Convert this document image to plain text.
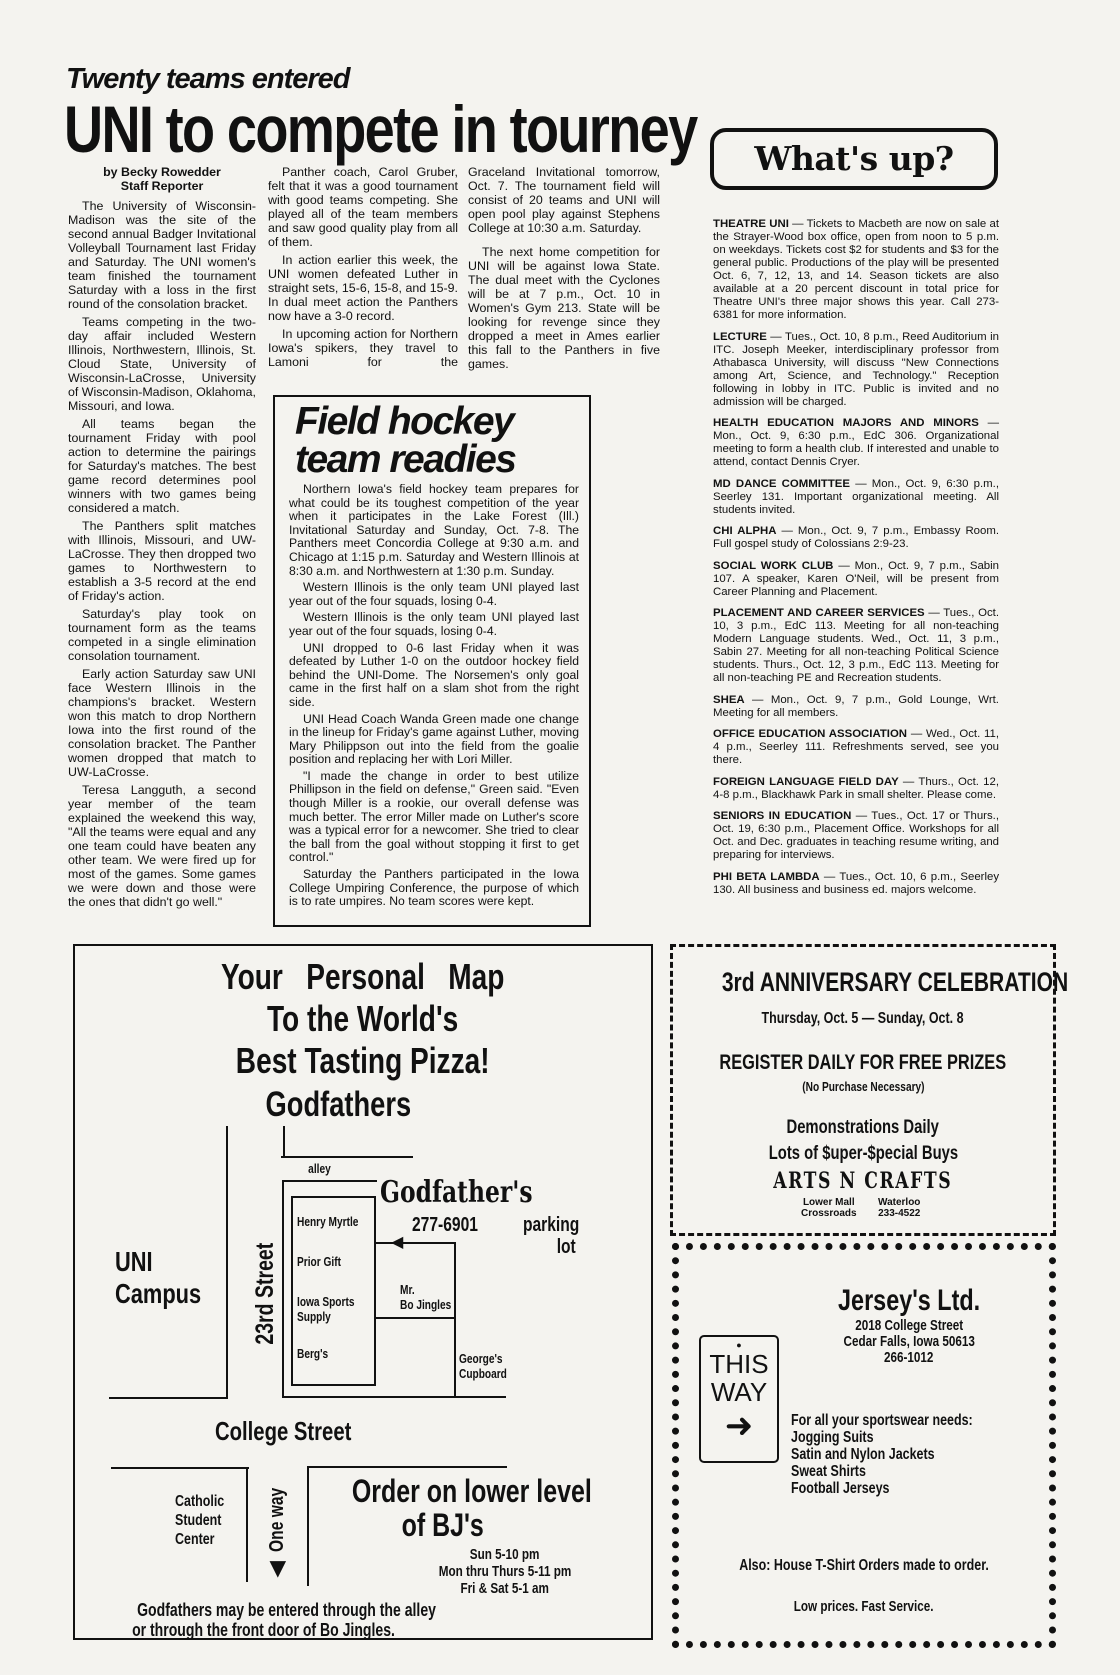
Twenty teams entered
UNI to compete in tourney
by Becky Rowedder
Staff Reporter

The University of Wisconsin-Madison was the site of the second annual Badger Invitational Volleyball Tournament last Friday and Saturday. The UNI women's team finished the tournament Saturday with a loss in the first round of the consolation bracket.

Teams competing in the two-day affair included Western Illinois, Northwestern, Illinois, St. Cloud State, University of Wisconsin-LaCrosse, University of Wisconsin-Madison, Oklahoma, Missouri, and Iowa.

All teams began the tournament Friday with pool action to determine the pairings for Saturday's matches. The best game record determines pool winners with two games being considered a match.

The Panthers split matches with Illinois, Missouri, and UW-LaCrosse. They then dropped two games to Northwestern to establish a 3-5 record at the end of Friday's action.

Saturday's play took on tournament form as the teams competed in a single elimination consolation tournament.

Early action Saturday saw UNI face Western Illinois in the champions's bracket. Western won this match to drop Northern Iowa into the first round of the consolation bracket. The Panther women dropped that match to UW-LaCrosse.

Teresa Langguth, a second year member of the team explained the weekend this way, "All the teams were equal and any one team could have beaten any other team. We were fired up for most of the games. Some games we were down and those were the ones that didn't go well."

Panther coach, Carol Gruber, felt that it was a good tournament with good teams competing. She played all of the team members and saw good quality play from all of them.

In action earlier this week, the UNI women defeated Luther in straight sets, 15-6, 15-8, and 15-9. In dual meet action the Panthers now have a 3-0 record.

In upcoming action for Northern Iowa's spikers, they travel to Lamoni for the

Graceland Invitational tomorrow, Oct. 7. The tournament field will consist of 20 teams and UNI will open pool play against Stephens College at 10:30 a.m. Saturday.

The next home competition for UNI will be against Iowa State. The dual meet with the Cyclones will be at 7 p.m., Oct. 10 in Women's Gym 213. State will be looking for revenge since they dropped a meet in Ames earlier this fall to the Panthers in five games.

Field hockey
team readies

Northern Iowa's field hockey team prepares for what could be its toughest competition of the year when it participates in the Lake Forest (Ill.) Invitational Saturday and Sunday, Oct. 7-8. The Panthers meet Concordia College at 9:30 a.m. and Chicago at 1:15 p.m. Saturday and Western Illinois at 8:30 a.m. and Northwestern at 1:30 p.m. Sunday.

Western Illinois is the only team UNI played last year out of the four squads, losing 0-4.

Western Illinois is the only team UNI played last year out of the four squads, losing 0-4.

UNI dropped to 0-6 last Friday when it was defeated by Luther 1-0 on the outdoor hockey field behind the UNI-Dome. The Norsemen's only goal came in the first half on a slam shot from the right side.

UNI Head Coach Wanda Green made one change in the lineup for Friday's game against Luther, moving Mary Philippson out into the field from the goalie position and replacing her with Lori Miller.

"I made the change in order to best utilize Phillipson in the field on defense," Green said. "Even though Miller is a rookie, our overall defense was much better. The error Miller made on Luther's score was a typical error for a newcomer. She tried to clear the ball from the goal without stopping it first to get control."

Saturday the Panthers participated in the Iowa College Umpiring Conference, the purpose of which is to rate umpires. No team scores were kept.

What's up?

THEATRE UNI — Tickets to Macbeth are now on sale at the Strayer-Wood box office, open from noon to 5 p.m. on weekdays. Tickets cost $2 for students and $3 for the general public. Productions of the play will be presented Oct. 6, 7, 12, 13, and 14. Season tickets are also available at a 20 percent discount in total price for Theatre UNI's three major shows this year. Call 273-6381 for more information.

LECTURE — Tues., Oct. 10, 8 p.m., Reed Auditorium in ITC. Joseph Meeker, interdisciplinary professor from Athabasca University, will discuss "New Connections among Art, Science, and Technology." Reception following in lobby in ITC. Public is invited and no admission will be charged.

HEALTH EDUCATION MAJORS AND MINORS — Mon., Oct. 9, 6:30 p.m., EdC 306. Organizational meeting to form a health club. If interested and unable to attend, contact Dennis Cryer.

MD DANCE COMMITTEE — Mon., Oct. 9, 6:30 p.m., Seerley 131. Important organizational meeting. All students invited.

CHI ALPHA — Mon., Oct. 9, 7 p.m., Embassy Room. Full gospel study of Colossians 2:9-23.

SOCIAL WORK CLUB — Mon., Oct. 9, 7 p.m., Sabin 107. A speaker, Karen O'Neil, will be present from Career Planning and Placement.

PLACEMENT AND CAREER SERVICES — Tues., Oct. 10, 3 p.m., EdC 113. Meeting for all non-teaching Modern Language students. Wed., Oct. 11, 3 p.m., Sabin 27. Meeting for all non-teaching Political Science students. Thurs., Oct. 12, 3 p.m., EdC 113. Meeting for all non-teaching PE and Recreation students.

SHEA — Mon., Oct. 9, 7 p.m., Gold Lounge, Wrt. Meeting for all members.

OFFICE EDUCATION ASSOCIATION — Wed., Oct. 11, 4 p.m., Seerley 111. Refreshments served, see you there.

FOREIGN LANGUAGE FIELD DAY — Thurs., Oct. 12, 4-8 p.m., Blackhawk Park in small shelter. Please come.

SENIORS IN EDUCATION — Tues., Oct. 17 or Thurs., Oct. 19, 6:30 p.m., Placement Office. Workshops for all Oct. and Dec. graduates in teaching resume writing, and preparing for interviews.

PHI BETA LAMBDA — Tues., Oct. 10, 6 p.m., Seerley 130. All business and business ed. majors welcome.

Your   Personal   Map
To the World's
Best Tasting Pizza!
Godfathers
alley
Henry Myrtle
Prior Gift
Iowa Sports
Supply
Berg's
Godfather's
277-6901	parking
lot
◀
Mr.
Bo Jingles
George's
Cupboard
UNI
Campus	23rd Street
College Street
Catholic
Student
Center
◀One way	Order on lower level
of BJ's
Sun 5-10 pm
Mon thru Thurs 5-11 pm
Fri & Sat 5-1 am
Godfathers may be entered through the alley
or through the front door of Bo Jingles.
3rd ANNIVERSARY CELEBRATION
Thursday, Oct. 5 — Sunday, Oct. 8
REGISTER DAILY FOR FREE PRIZES
(No Purchase Necessary)
Demonstrations Daily
Lots of $uper-$pecial Buys
ARTS N CRAFTS
Lower Mall
Crossroads
Waterloo
233-4522
●
THIS
WAY
➜
Jersey's Ltd.
2018 College Street
Cedar Falls, Iowa 50613
266-1012
For all your sportswear needs:
Jogging Suits
Satin and Nylon Jackets
Sweat Shirts
Football Jerseys
Also: House T-Shirt Orders made to order.
Low prices. Fast Service.
